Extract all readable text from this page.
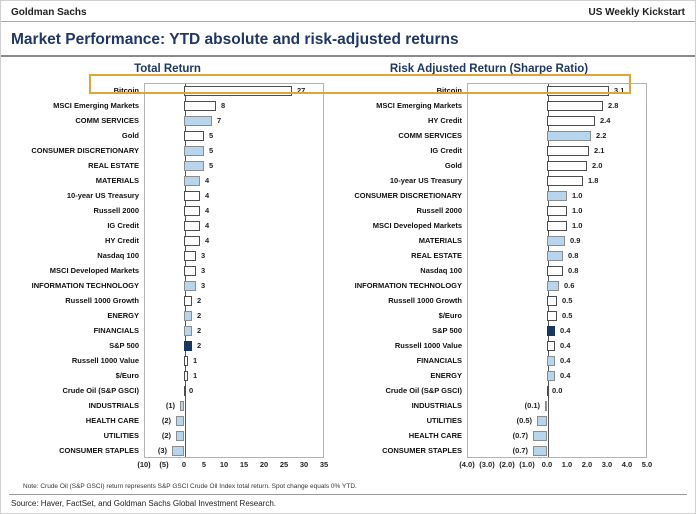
Goldman Sachs	US Weekly Kickstart
Market Performance: YTD absolute and risk-adjusted returns
Total Return
Bitcoin	27
MSCI Emerging Markets	8
COMM SERVICES	7
Gold	5
CONSUMER DISCRETIONARY	5
REAL ESTATE	5
MATERIALS	4
10-year US Treasury	4
Russell 2000	4
IG Credit	4
HY Credit	4
Nasdaq 100	3
MSCI Developed Markets	3
INFORMATION TECHNOLOGY	3
Russell 1000 Growth	2
ENERGY	2
FINANCIALS	2
S&P 500	2
Russell 1000 Value	1
$/Euro	1
Crude Oil (S&P GSCI)	0
INDUSTRIALS	(1)
HEALTH CARE	(2)
UTILITIES	(2)
CONSUMER STAPLES	(3)
(10) (5) 0 5 10 15 20 25 30 35
Risk Adjusted Return (Sharpe Ratio)
Bitcoin	3.1
MSCI Emerging Markets	2.8
HY Credit	2.4
COMM SERVICES	2.2
IG Credit	2.1
Gold	2.0
10-year US Treasury	1.8
CONSUMER DISCRETIONARY	1.0
Russell 2000	1.0
MSCI Developed Markets	1.0
MATERIALS	0.9
REAL ESTATE	0.8
Nasdaq 100	0.8
INFORMATION TECHNOLOGY	0.6
Russell 1000 Growth	0.5
$/Euro	0.5
S&P 500	0.4
Russell 1000 Value	0.4
FINANCIALS	0.4
ENERGY	0.4
Crude Oil (S&P GSCI)	0.0
INDUSTRIALS	(0.1)
UTILITIES	(0.5)
HEALTH CARE	(0.7)
CONSUMER STAPLES	(0.7)
(4.0) (3.0) (2.0) (1.0) 0.0 1.0 2.0 3.0 4.0 5.0
Note: Crude Oil (S&P GSCI) return represents S&P GSCI Crude Oil Index total return. Spot change equals 0% YTD.
Source: Haver, FactSet, and Goldman Sachs Global Investment Research.
